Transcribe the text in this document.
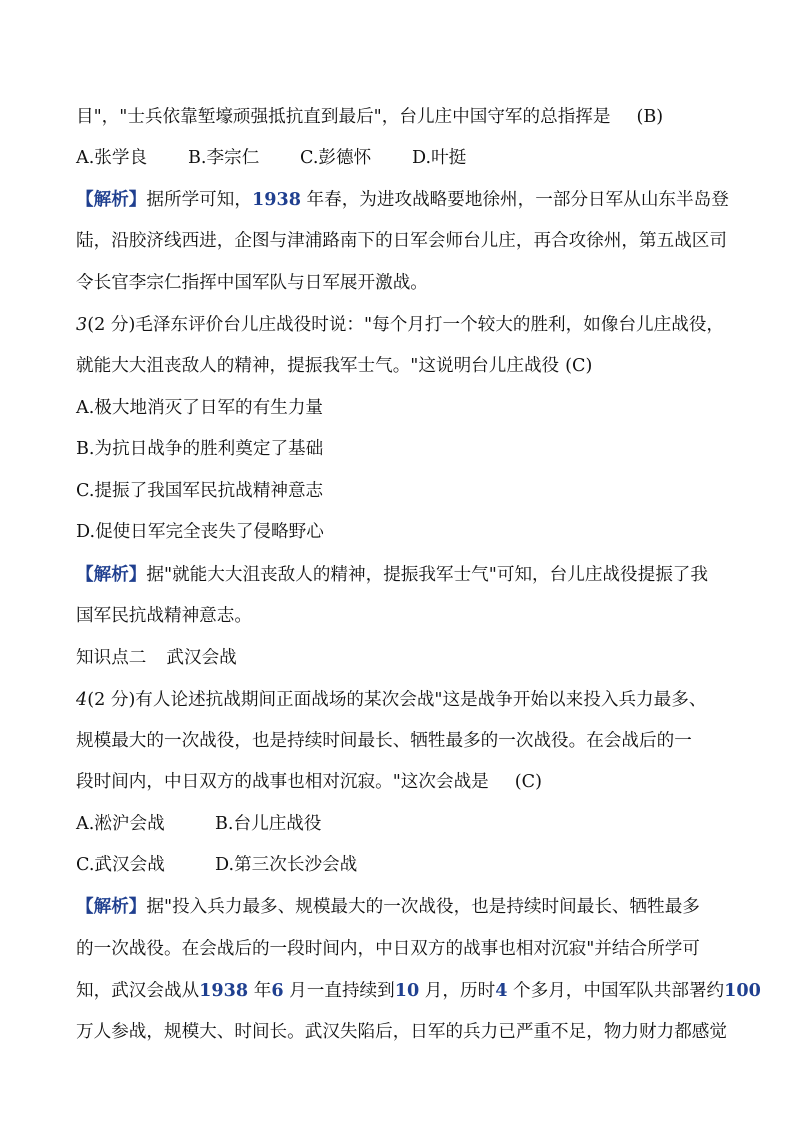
目"，"士兵依靠堑壕顽强抵抗直到最后"，台儿庄中国守军的总指挥是 (B)
A.张学良 B.李宗仁 C.彭德怀 D.叶挺
【解析】据所学可知，1938 年春，为进攻战略要地徐州，一部分日军从山东半岛登
陆，沿胶济线西进，企图与津浦路南下的日军会师台儿庄，再合攻徐州，第五战区司
令长官李宗仁指挥中国军队与日军展开激战。
3(2 分)毛泽东评价台儿庄战役时说："每个月打一个较大的胜利，如像台儿庄战役，
就能大大沮丧敌人的精神，提振我军士气。"这说明台儿庄战役 (C)
A.极大地消灭了日军的有生力量
B.为抗日战争的胜利奠定了基础
C.提振了我国军民抗战精神意志
D.促使日军完全丧失了侵略野心
【解析】据"就能大大沮丧敌人的精神，提振我军士气"可知，台儿庄战役提振了我
国军民抗战精神意志。
知识点二 武汉会战
4(2 分)有人论述抗战期间正面战场的某次会战"这是战争开始以来投入兵力最多、
规模最大的一次战役，也是持续时间最长、牺牲最多的一次战役。在会战后的一
段时间内，中日双方的战事也相对沉寂。"这次会战是 (C)
A.淞沪会战	B.台儿庄战役
C.武汉会战	D.第三次长沙会战
【解析】据"投入兵力最多、规模最大的一次战役，也是持续时间最长、牺牲最多
的一次战役。在会战后的一段时间内，中日双方的战事也相对沉寂"并结合所学可
知，武汉会战从1938 年6 月一直持续到10 月，历时4 个多月，中国军队共部署约100
万人参战，规模大、时间长。武汉失陷后，日军的兵力已严重不足，物力财力都感觉
